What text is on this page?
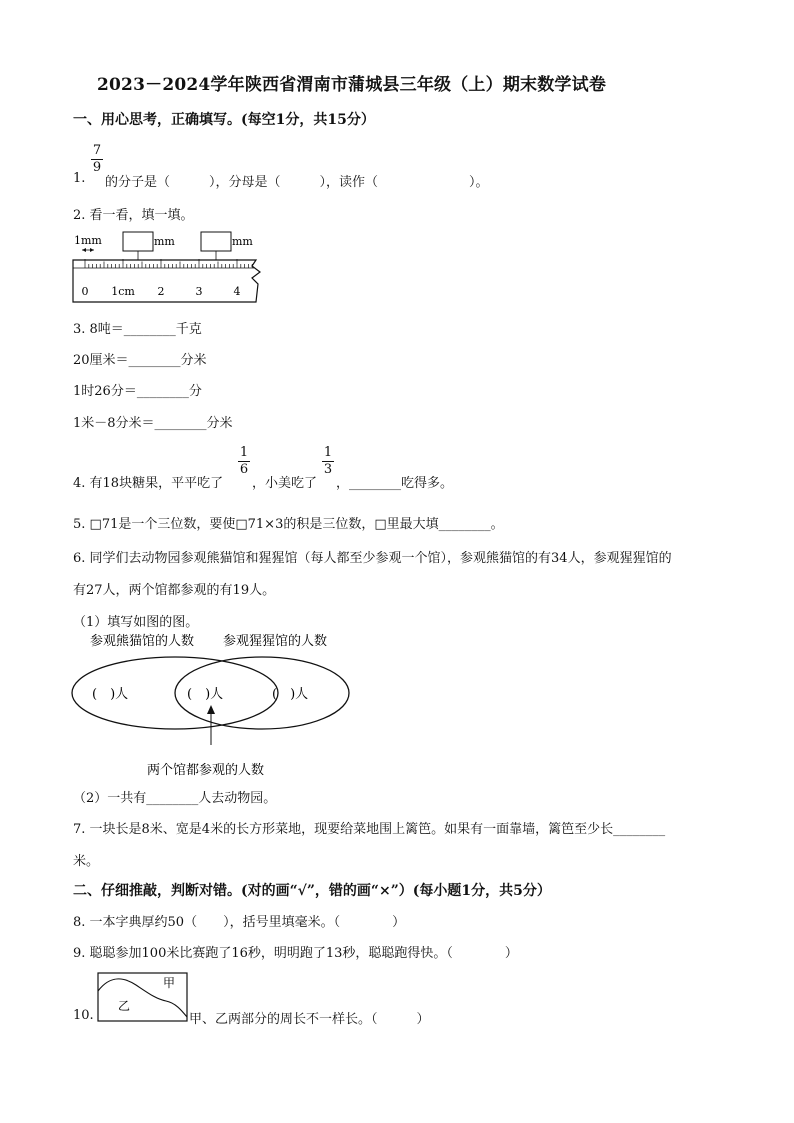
2023－2024学年陕西省渭南市蒲城县三年级（上）期末数学试卷
一、用心思考，正确填写。(每空1分，共15分）
1.
7
9
的分子是（　　　），分母是（　　　），读作（　　　　　　　）。
2. 看一看，填一填。
1mm	mm	mm
0 1cm 2	3	4
3. 8吨＝________千克
20厘米＝________分米
1时26分＝________分
1米－8分米＝________分米
4. 有18块糖果，平平吃了
1
6
，小美吃了
1
3
，________吃得多。
5. □71是一个三位数，要使□71×3的积是三位数，□里最大填________。
6. 同学们去动物园参观熊猫馆和猩猩馆（每人都至少参观一个馆），参观熊猫馆的有34人，参观猩猩馆的
有27人，两个馆都参观的有19人。
（1）填写如图的图。
参观熊猫馆的人数 参观猩猩馆的人数
(　)人	(　)人	(　)人
两个馆都参观的人数
（2）一共有________人去动物园。
7. 一块长是8米、宽是4米的长方形菜地，现要给菜地围上篱笆。如果有一面靠墙，篱笆至少长________
米。
二、仔细推敲，判断对错。(对的画“√”，错的画“×”）(每小题1分，共5分）
8. 一本字典厚约50（　　），括号里填毫米。（　　　　）
9. 聪聪参加100米比赛跑了16秒，明明跑了13秒，聪聪跑得快。（　　　　）
10.
甲
乙
甲、乙两部分的周长不一样长。（　　　）
